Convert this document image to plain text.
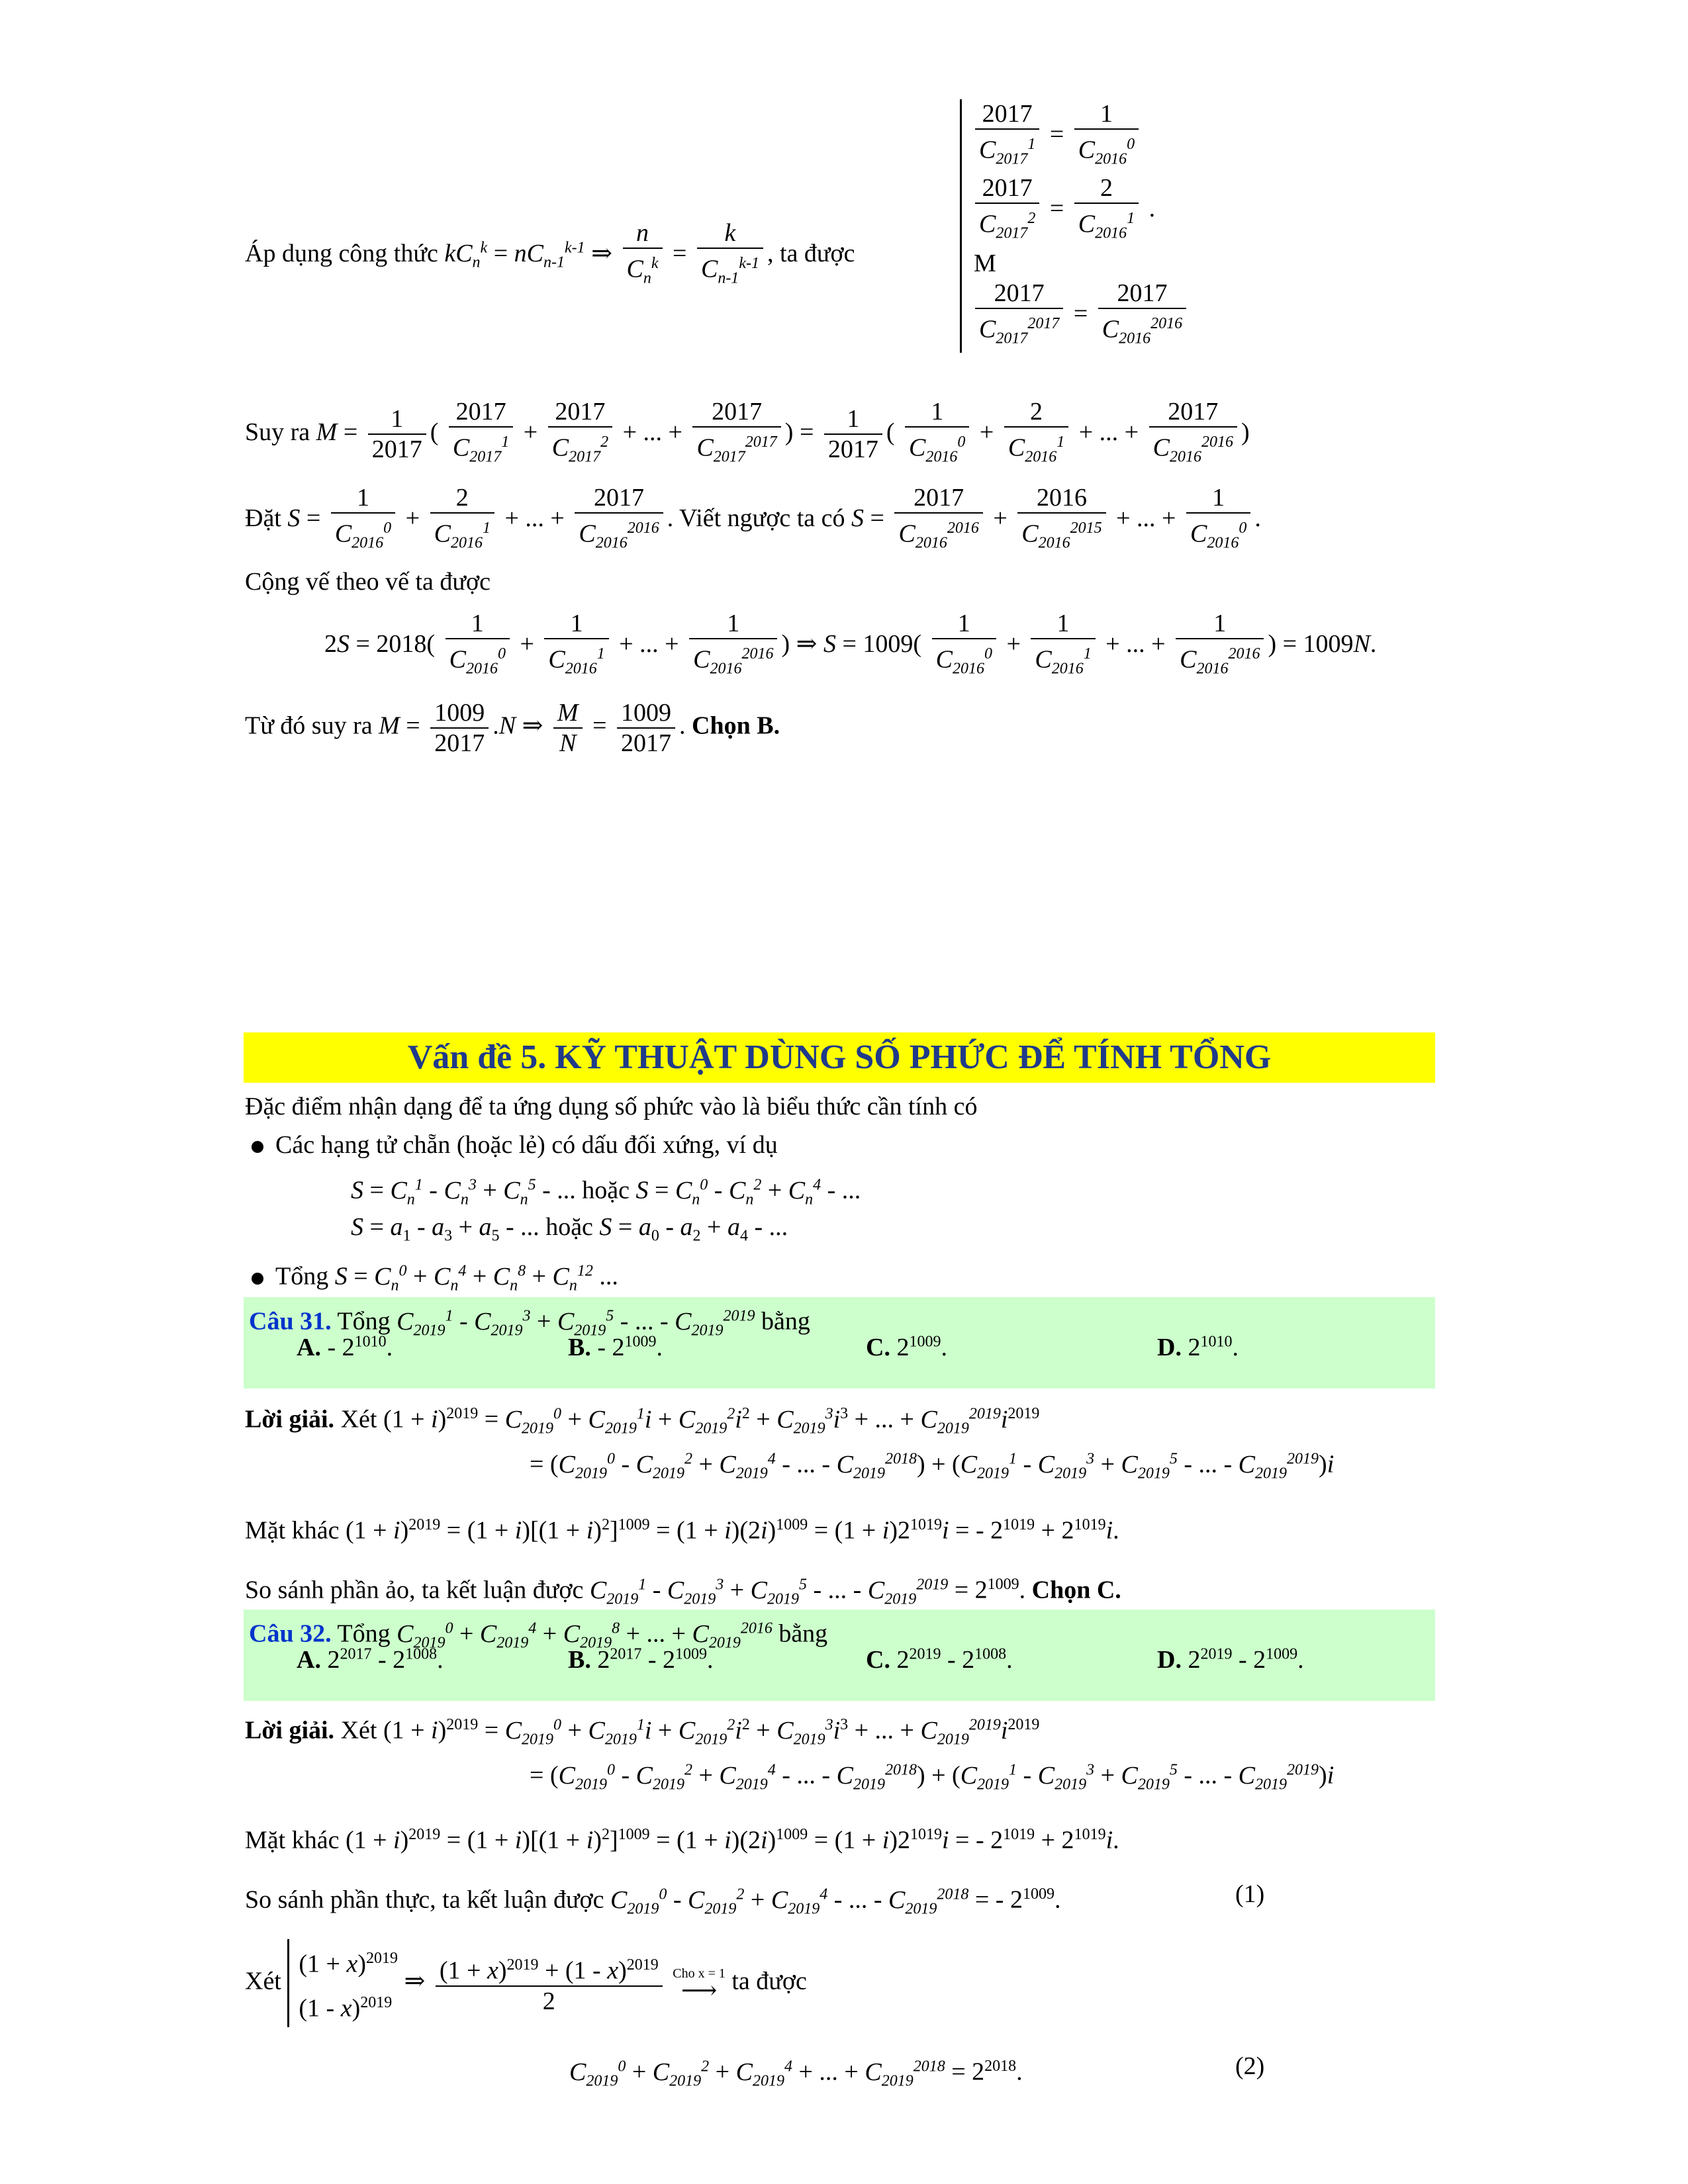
Áp dụng công thức $kC_n^k = nC_{n-1}^{k-1}$ ⇒ $\frac{n}{C_n^k} = \frac{k}{C_{n-1}^{k-1}}$ , ta được
$\frac{2017}{C_{2017}^1} = \frac{1}{C_{2016}^0}$
$\frac{2017}{C_{2017}^2} = \frac{2}{C_{2016}^1}$ .
M
$\frac{2017}{C_{2017}^{2017}} = \frac{2017}{C_{2016}^{2016}}$
Suy ra $M = \frac{1}{2017}$ ( $\frac{2017}{C_{2017}^1} + \frac{2017}{C_{2017}^2}$ + ... + $\frac{2017}{C_{2017}^{2017}}$ ) = $\frac{1}{2017}$ ( $\frac{1}{C_{2016}^0} + \frac{2}{C_{2016}^1}$ + ... + $\frac{2017}{C_{2016}^{2016}}$ )
Đặt $S = \frac{1}{C_{2016}^0} + \frac{2}{C_{2016}^1}$ + ... + $\frac{2017}{C_{2016}^{2016}}$ . Viết ngược ta có $S = \frac{2017}{C_{2016}^{2016}} + \frac{2016}{C_{2016}^{2015}}$ + ... + $\frac{1}{C_{2016}^0}$ .
Cộng vế theo vế ta được
$2S = 2018( \frac{1}{C_{2016}^0} + \frac{1}{C_{2016}^1}$ + ... + $\frac{1}{C_{2016}^{2016}}$ ) ⇒ $S = 1009( \frac{1}{C_{2016}^0} + \frac{1}{C_{2016}^1}$ + ... + $\frac{1}{C_{2016}^{2016}}$ ) = 1009N.
Từ đó suy ra $M = \frac{1009}{2017} .N$ ⇒ $\frac{M}{N} = \frac{1009}{2017}$ . Chọn B.
Vấn đề 5. KỸ THUẬT DÙNG SỐ PHỨC ĐỂ TÍNH TỔNG
Đặc điểm nhận dạng để ta ứng dụng số phức vào là biểu thức cần tính có
Các hạng tử chẵn (hoặc lẻ) có dấu đối xứng, ví dụ
$S = C_n^1 - C_n^3 + C_n^5$ - ... hoặc $S = C_n^0 - C_n^2 + C_n^4$ - ...
$S = a_1 - a_3 + a_5$ - ... hoặc $S = a_0 - a_2 + a_4$ - ...
Tổng $S = C_n^0 + C_n^4 + C_n^8 + C_n^{12}$ ...
Câu 31. Tổng $C_{2019}^1 - C_{2019}^3 + C_{2019}^5$ - ... - $C_{2019}^{2019}$ bằng
A. - $2^{1010}$.	B. - $2^{1009}$.	C. $2^{1009}$.	D. $2^{1010}$.
Lời giải. Xét $(1 + i)^{2019} = C_{2019}^0 + C_{2019}^1i + C_{2019}^2i^2 + C_{2019}^3i^3$ + ... + $C_{2019}^{2019}i^{2019}$
= ($C_{2019}^0 - C_{2019}^2 + C_{2019}^4$ - ... - $C_{2019}^{2018}) + (C_{2019}^1 - C_{2019}^3 + C_{2019}^5$ - ... - $C_{2019}^{2019})i$
Mặt khác $(1 + i)^{2019} = (1 + i)[(1 + i)^2]^{1009} = (1 + i)(2i)^{1009} = (1 + i)2^{1019}i$ = - $2^{1019} + 2^{1019}i$.
So sánh phần ảo, ta kết luận được $C_{2019}^1 - C_{2019}^3 + C_{2019}^5$ - ... - $C_{2019}^{2019} = 2^{1009}$. Chọn C.
Câu 32. Tổng $C_{2019}^0 + C_{2019}^4 + C_{2019}^8$ + ... + $C_{2019}^{2016}$ bằng
A. $2^{2017} - 2^{1008}$.	B. $2^{2017} - 2^{1009}$.	C. $2^{2019} - 2^{1008}$.	D. $2^{2019} - 2^{1009}$.
Lời giải. Xét $(1 + i)^{2019} = C_{2019}^0 + C_{2019}^1i + C_{2019}^2i^2 + C_{2019}^3i^3$ + ... + $C_{2019}^{2019}i^{2019}$
= ($C_{2019}^0 - C_{2019}^2 + C_{2019}^4$ - ... - $C_{2019}^{2018}) + (C_{2019}^1 - C_{2019}^3 + C_{2019}^5$ - ... - $C_{2019}^{2019})i$
Mặt khác $(1 + i)^{2019} = (1 + i)[(1 + i)^2]^{1009} = (1 + i)(2i)^{1009} = (1 + i)2^{1019}i$ = - $2^{1019} + 2^{1019}i$.
So sánh phần thực, ta kết luận được $C_{2019}^0 - C_{2019}^2 + C_{2019}^4$ - ... - $C_{2019}^{2018}$ = - $2^{1009}$.	(1)
Xét
$(1 + x)^{2019}$
(1 - x)$^{2019}$
⇒ $\frac{(1 + x)^{2019} + (1 - x)^{2019}}{2}$
Cho x = 1
⟶ ta được
$C_{2019}^0 + C_{2019}^2 + C_{2019}^4$ + ... + $C_{2019}^{2018} = 2^{2018}$.	(2)
